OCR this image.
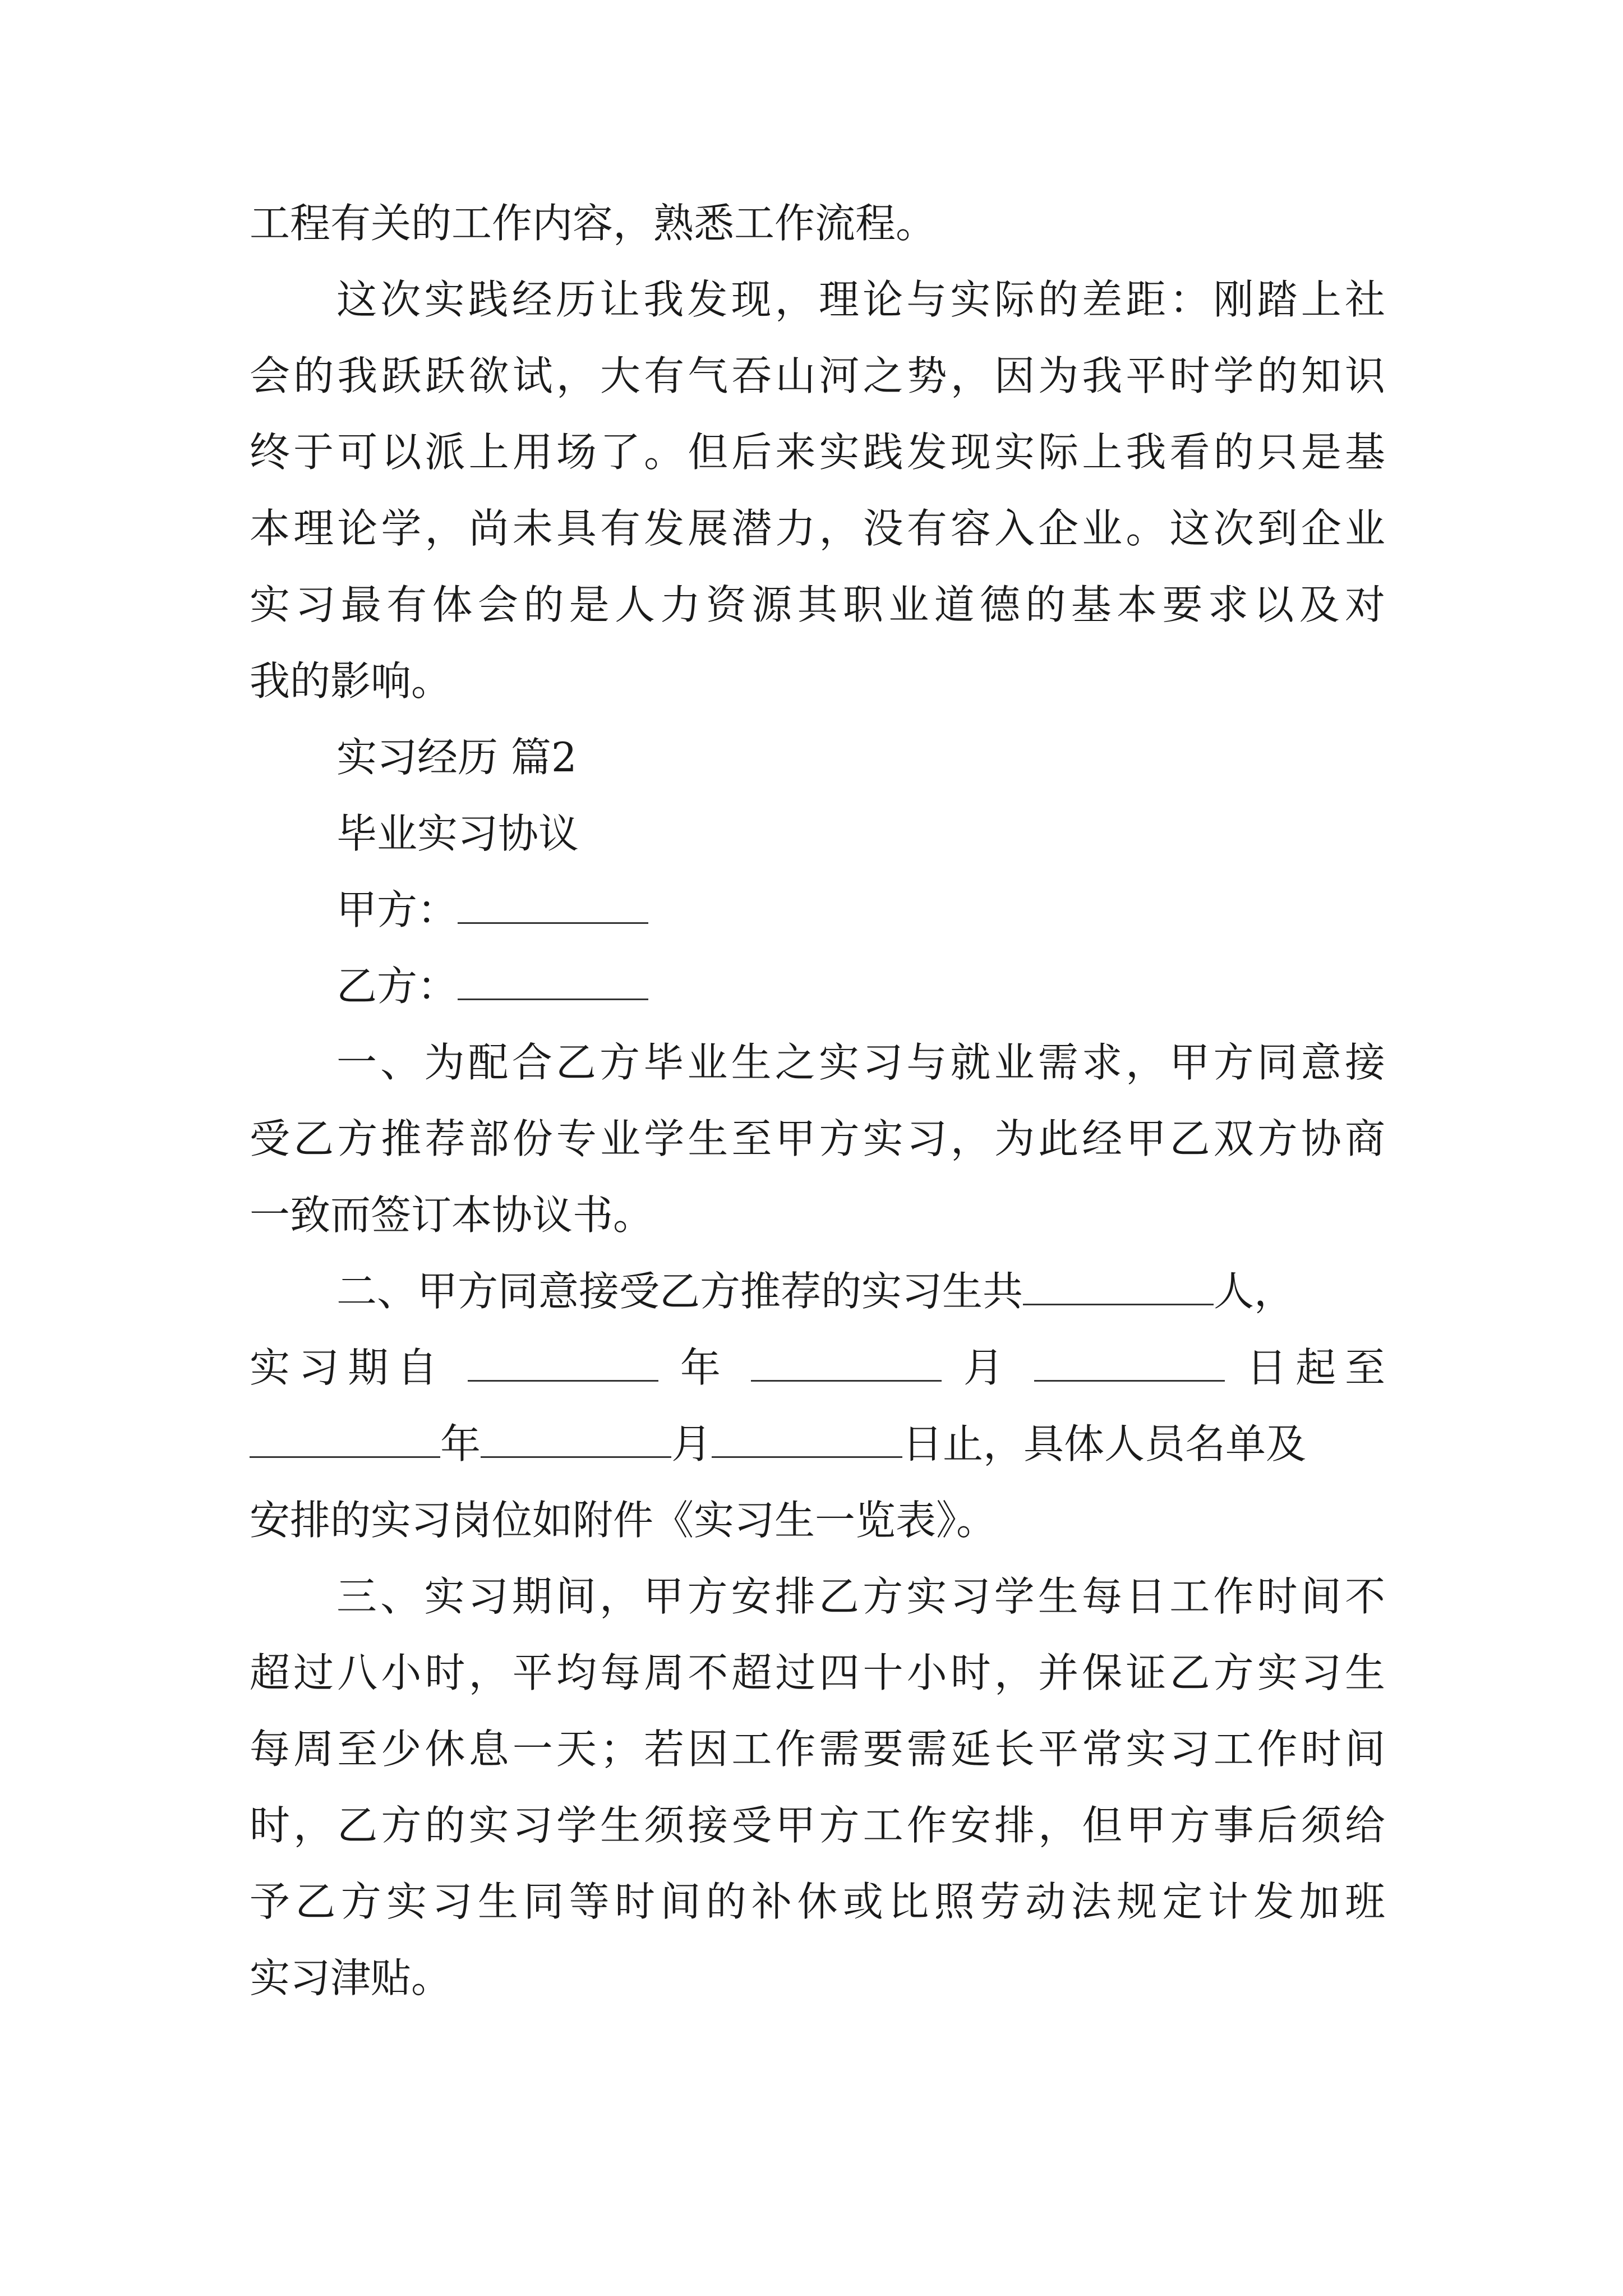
工程有关的工作内容，熟悉工作流程。
这次实践经历让我发现，理论与实际的差距：刚踏上社
会的我跃跃欲试，大有气吞山河之势，因为我平时学的知识
终于可以派上用场了。但后来实践发现实际上我看的只是基
本理论学，尚未具有发展潜力，没有容入企业。这次到企业
实习最有体会的是人力资源其职业道德的基本要求以及对
我的影响。
实习经历 篇2
毕业实习协议
甲方：
乙方：
一、为配合乙方毕业生之实习与就业需求，甲方同意接
受乙方推荐部份专业学生至甲方实习，为此经甲乙双方协商
一致而签订本协议书。
二、甲方同意接受乙方推荐的实习生共	人，
实习期自	年	月	日起至
年	月	日止，具体人员名单及
安排的实习岗位如附件《实习生一览表》。
三、实习期间，甲方安排乙方实习学生每日工作时间不
超过八小时，平均每周不超过四十小时，并保证乙方实习生
每周至少休息一天；若因工作需要需延长平常实习工作时间
时，乙方的实习学生须接受甲方工作安排，但甲方事后须给
予乙方实习生同等时间的补休或比照劳动法规定计发加班
实习津贴。
